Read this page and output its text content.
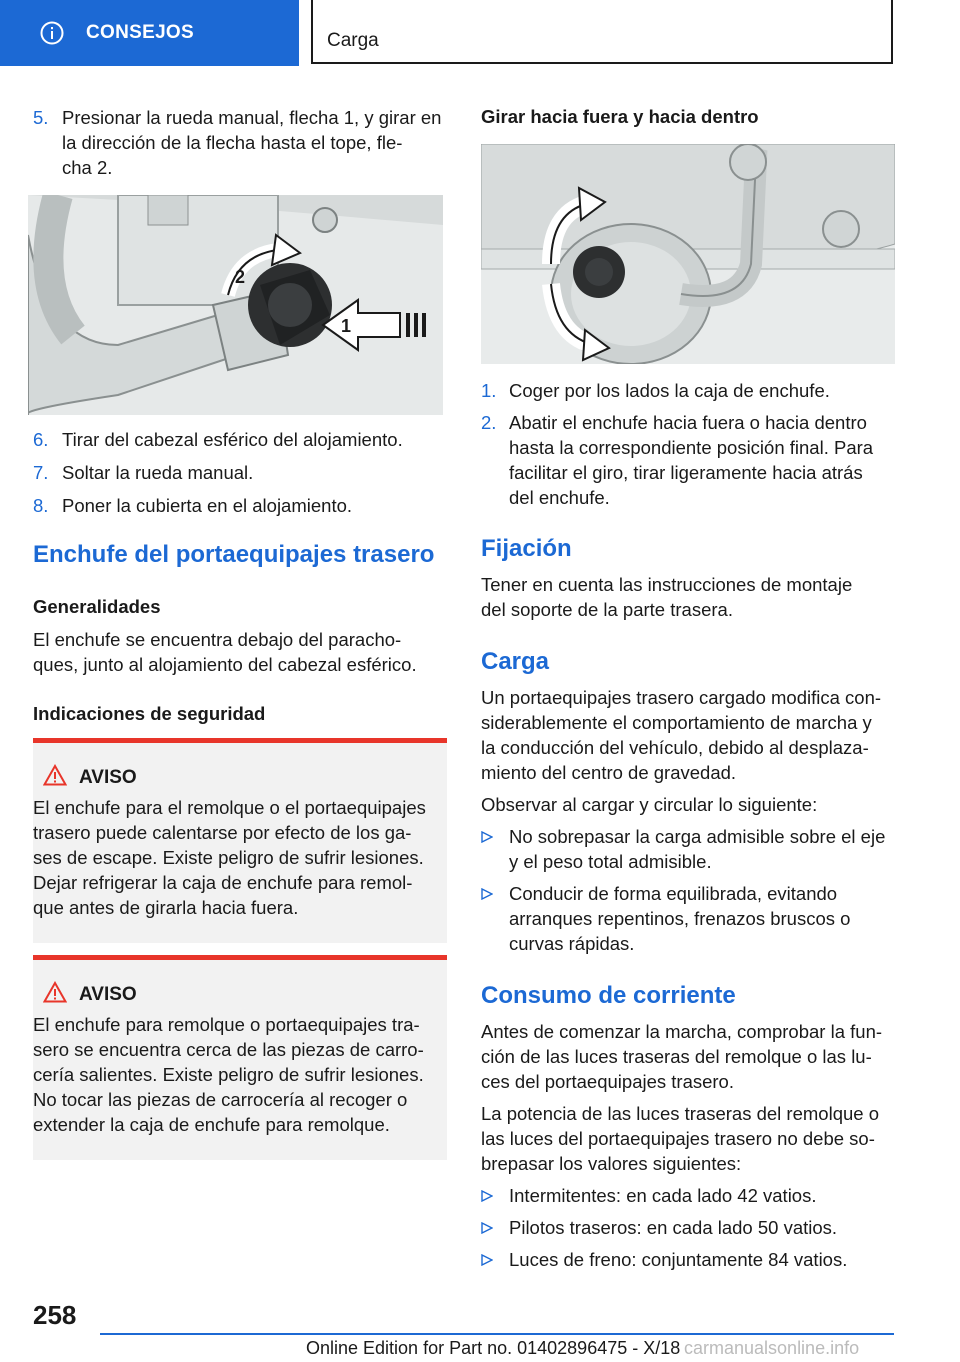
CONSEJOS	Carga
5. Presionar la rueda manual, flecha 1, y girar en
la dirección de la flecha hasta el tope, fle-
cha 2.
2
1
6. Tirar del cabezal esférico del alojamiento.
7. Soltar la rueda manual.
8. Poner la cubierta en el alojamiento.
Enchufe del portaequipajes trasero
Generalidades
El enchufe se encuentra debajo del paracho-
ques, junto al alojamiento del cabezal esférico.
Indicaciones de seguridad
AVISO
El enchufe para el remolque o el portaequipajes
trasero puede calentarse por efecto de los ga-
ses de escape. Existe peligro de sufrir lesiones.
Dejar refrigerar la caja de enchufe para remol-
que antes de girarla hacia fuera.
AVISO
El enchufe para remolque o portaequipajes tra-
sero se encuentra cerca de las piezas de carro-
cería salientes. Existe peligro de sufrir lesiones.
No tocar las piezas de carrocería al recoger o
extender la caja de enchufe para remolque.
Girar hacia fuera y hacia dentro
1. Coger por los lados la caja de enchufe.
2. Abatir el enchufe hacia fuera o hacia dentro
hasta la correspondiente posición final. Para
facilitar el giro, tirar ligeramente hacia atrás
del enchufe.
Fijación
Tener en cuenta las instrucciones de montaje
del soporte de la parte trasera.
Carga
Un portaequipajes trasero cargado modifica con-
siderablemente el comportamiento de marcha y
la conducción del vehículo, debido al desplaza-
miento del centro de gravedad.
Observar al cargar y circular lo siguiente:
No sobrepasar la carga admisible sobre el eje
y el peso total admisible.
Conducir de forma equilibrada, evitando
arranques repentinos, frenazos bruscos o
curvas rápidas.
Consumo de corriente
Antes de comenzar la marcha, comprobar la fun-
ción de las luces traseras del remolque o las lu-
ces del portaequipajes trasero.
La potencia de las luces traseras del remolque o
las luces del portaequipajes trasero no debe so-
brepasar los valores siguientes:
Intermitentes: en cada lado 42 vatios.
Pilotos traseros: en cada lado 50 vatios.
Luces de freno: conjuntamente 84 vatios.
258
Online Edition for Part no. 01402896475 - X/18 carmanualsonline.info
